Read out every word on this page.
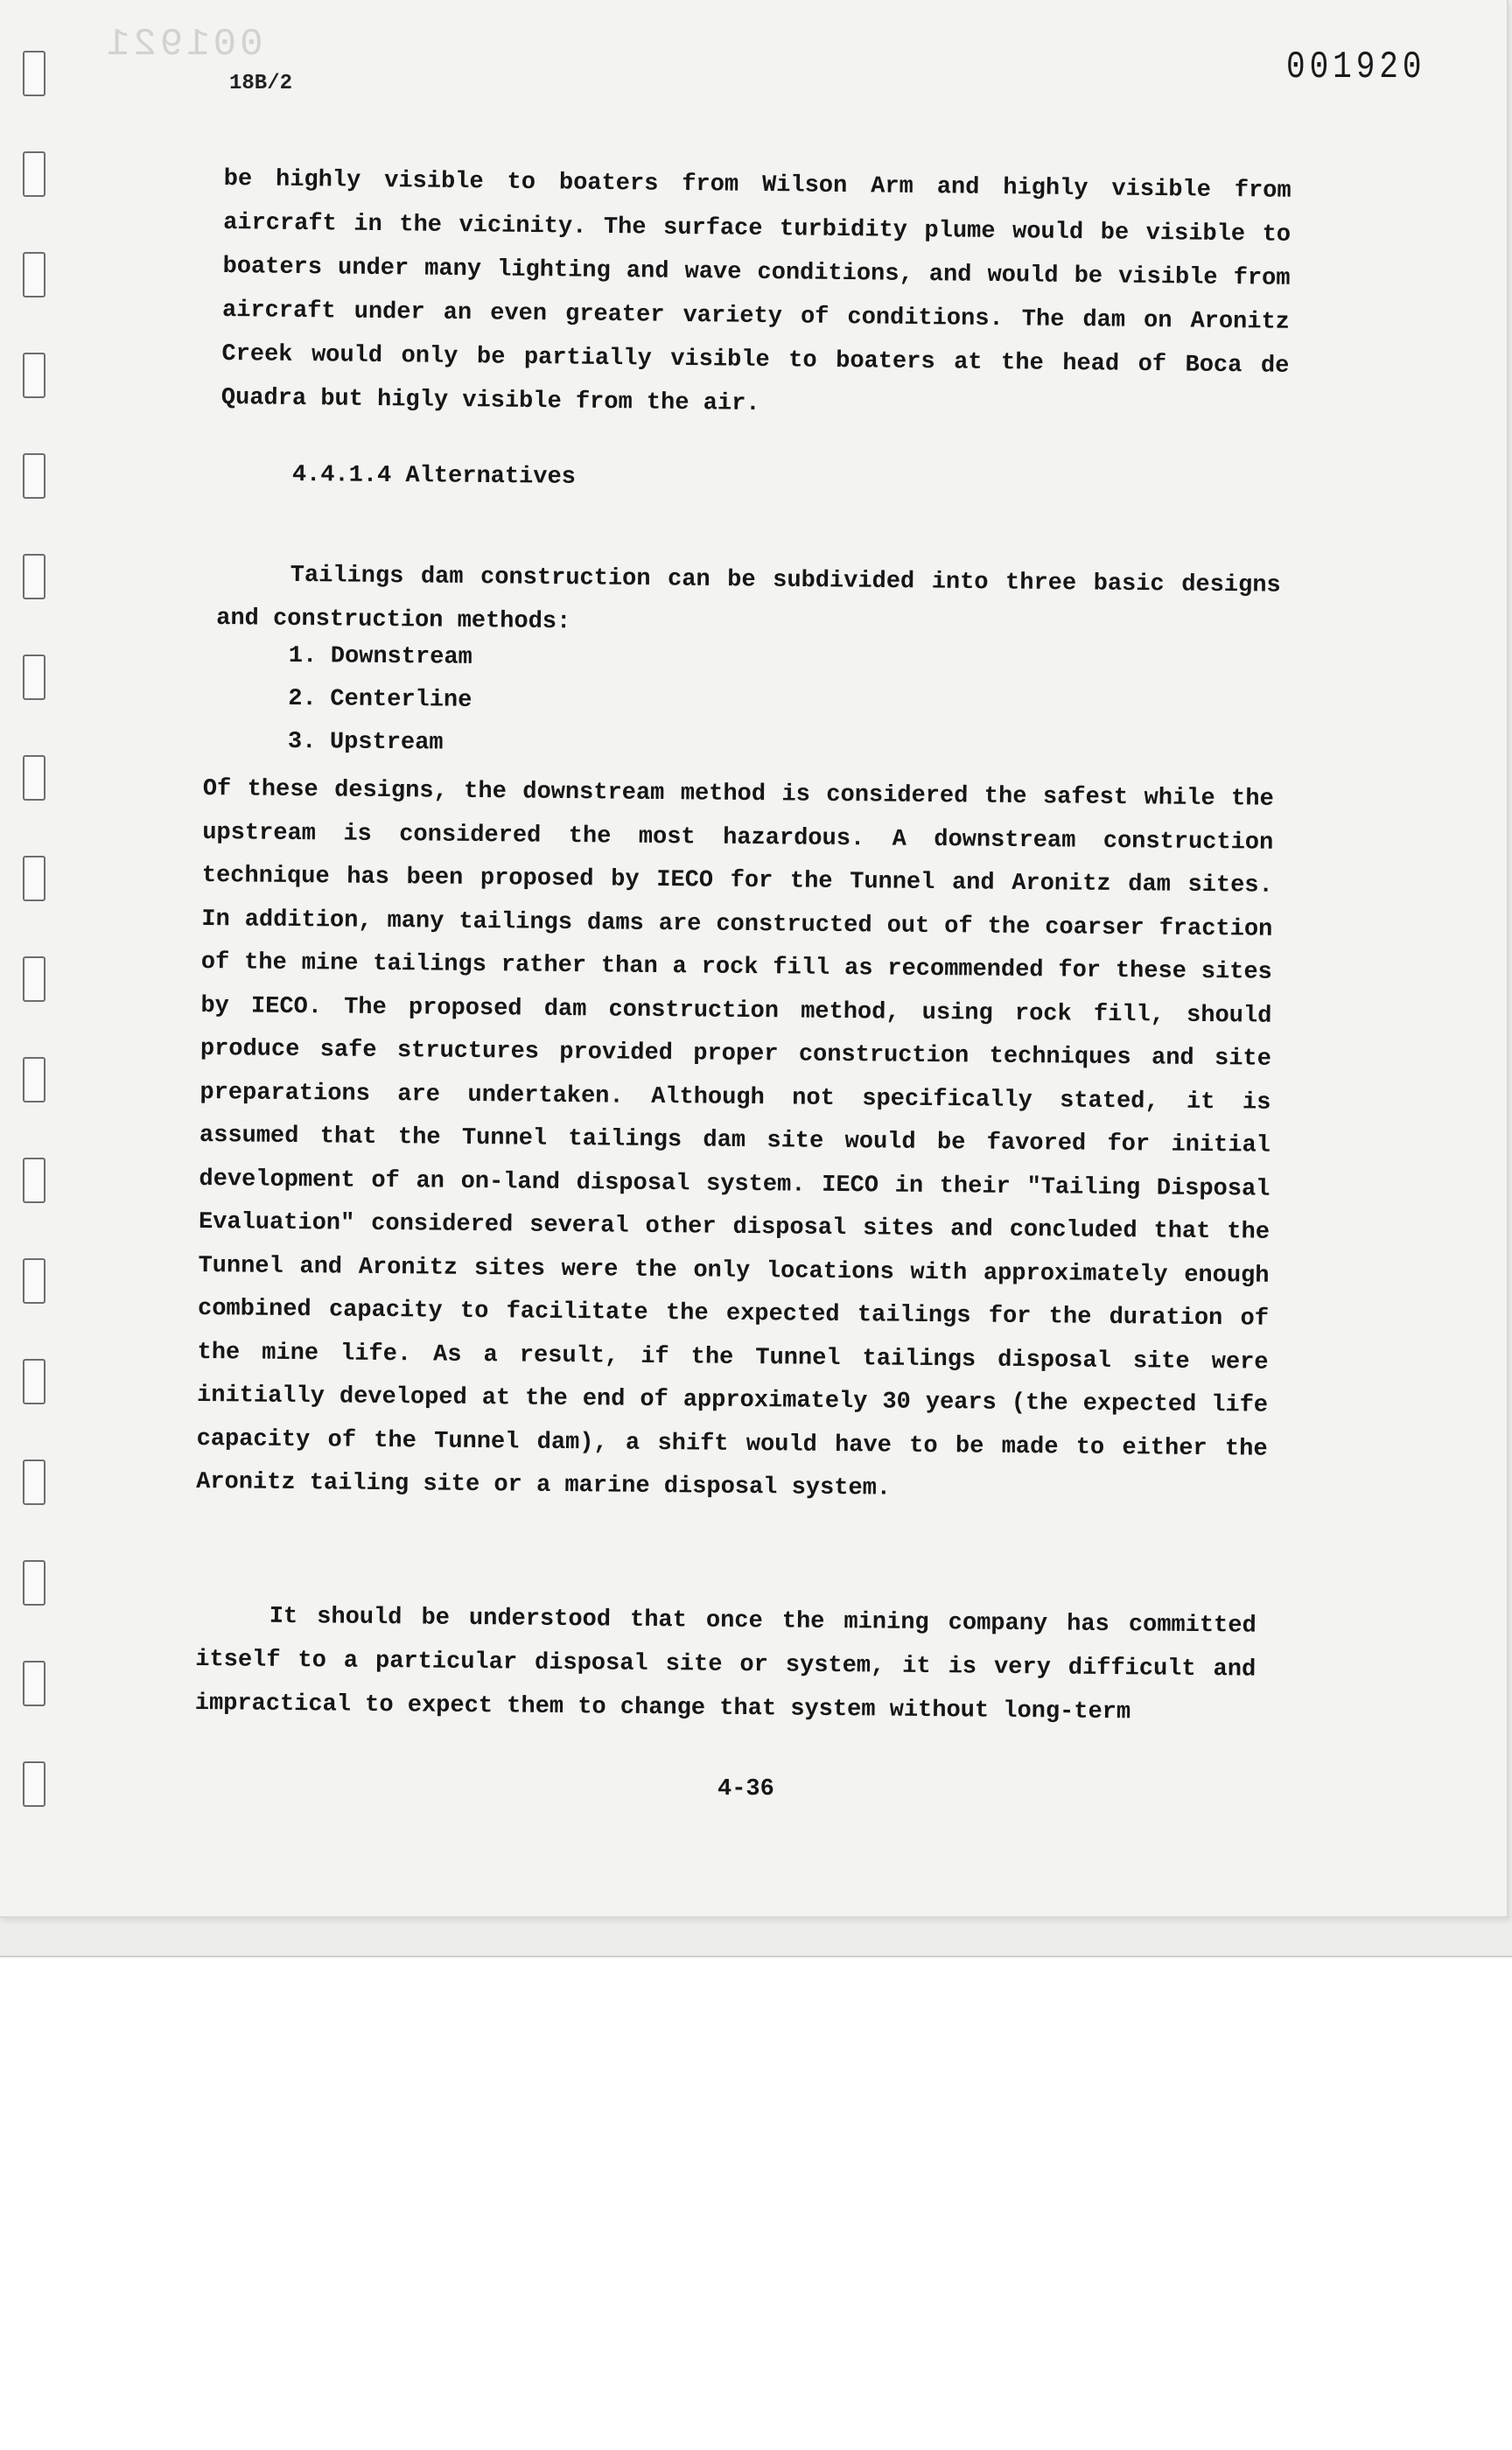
001921
18B/2	001920
be highly visible to boaters from Wilson Arm and highly visible from aircraft in the vicinity. The surface turbidity plume would be visible to boaters under many lighting and wave conditions, and would be visible from aircraft under an even greater variety of conditions. The dam on Aronitz Creek would only be partially visible to boaters at the head of Boca de Quadra but higly visible from the air.
4.4.1.4 Alternatives
Tailings dam construction can be subdivided into three basic designs and construction methods:
1. Downstream
2. Centerline
3. Upstream
Of these designs, the downstream method is considered the safest while the upstream is considered the most hazardous. A downstream construction technique has been proposed by IECO for the Tunnel and Aronitz dam sites. In addition, many tailings dams are constructed out of the coarser fraction of the mine tailings rather than a rock fill as recommended for these sites by IECO. The proposed dam construction method, using rock fill, should produce safe structures provided proper construction techniques and site preparations are undertaken. Although not specifically stated, it is assumed that the Tunnel tailings dam site would be favored for initial development of an on-land disposal system. IECO in their "Tailing Disposal Evaluation" considered several other disposal sites and concluded that the Tunnel and Aronitz sites were the only locations with approximately enough combined capacity to facilitate the expected tailings for the duration of the mine life. As a result, if the Tunnel tailings disposal site were initially developed at the end of approximately 30 years (the expected life capacity of the Tunnel dam), a shift would have to be made to either the Aronitz tailing site or a marine disposal system.
It should be understood that once the mining company has committed itself to a particular disposal site or system, it is very difficult and impractical to expect them to change that system without long-term
4-36
